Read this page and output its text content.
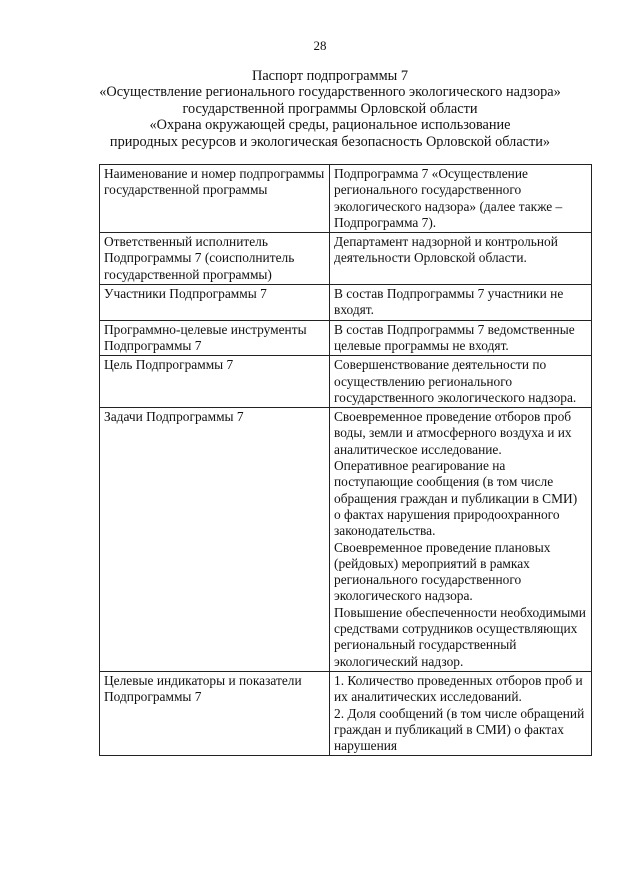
28
Паспорт подпрограммы 7
«Осуществление регионального государственного экологического надзора»
государственной программы Орловской области
«Охрана окружающей среды, рациональное использование
природных ресурсов и экологическая безопасность Орловской области»
Наименование и номер подпрограммы государственной программы	Подпрограмма 7 «Осуществление регионального государственного экологического надзора» (далее также – Подпрограмма 7).

Ответственный исполнитель Подпрограммы 7 (соисполнитель государственной программы)	Департамент надзорной и контрольной деятельности Орловской области.

Участники Подпрограммы 7	В состав Подпрограммы 7 участники не входят.

Программно-целевые инструменты Подпрограммы 7	В состав Подпрограммы 7 ведомственные целевые программы не входят.

Цель Подпрограммы 7	Совершенствование деятельности по осуществлению регионального государственного экологического надзора.

Задачи Подпрограммы 7	Своевременное проведение отборов проб воды, земли и атмосферного воздуха и их аналитическое исследование.
Оперативное реагирование на поступающие сообщения (в том числе обращения граждан и публикации в СМИ) о фактах нарушения природоохранного законодательства.
Своевременное проведение плановых (рейдовых) мероприятий в рамках регионального государственного экологического надзора.
Повышение обеспеченности необходимыми средствами сотрудников осуществляющих региональный государственный экологический надзор.

Целевые индикаторы и показатели Подпрограммы 7	1. Количество проведенных отборов проб и их аналитических исследований.
2. Доля сообщений (в том числе обращений граждан и публикаций в СМИ) о фактах нарушения
